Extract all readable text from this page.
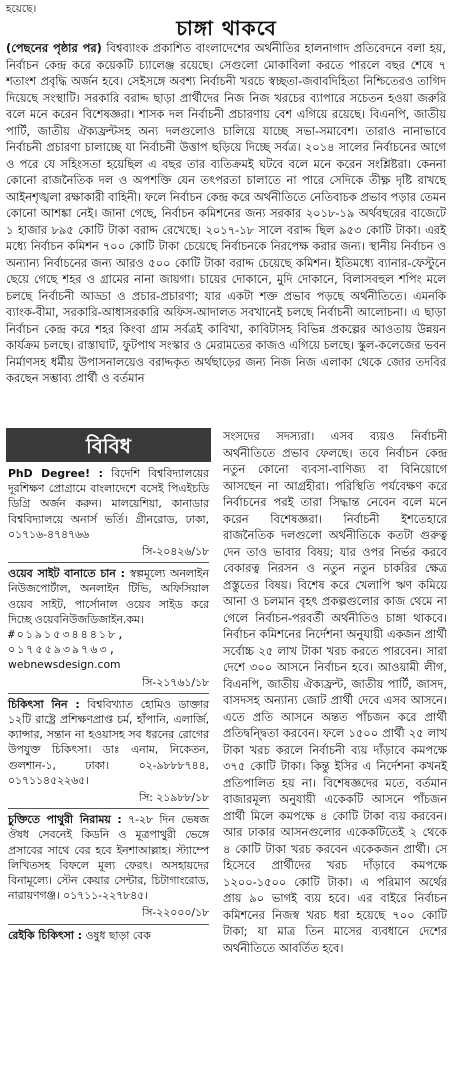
হয়েছে।
চাঙ্গা থাকবে
(পেছনের পৃষ্ঠার পর) বিশ্বব্যাংক প্রকাশিত বাংলাদেশের অর্থনীতির হালনাগাদ প্রতিবেদনে বলা হয়, নির্বাচন কেন্দ্র করে কয়েকটি চ্যালেঞ্জ রয়েছে। সেগুলো মোকাবিলা করতে পারলে বছর শেষে ৭ শতাংশ প্রবৃদ্ধি অর্জন হবে। সেইসঙ্গে অবশ্য নির্বাচনী খরচে স্বচ্ছতা-জবাবদিহিতা নিশ্চিতেরও তাগিদ দিয়েছে সংস্থাটি। সরকারি বরাদ্দ ছাড়া প্রার্থীদের নিজ নিজ খরচের ব্যাপারে সচেতন হওয়া জরুরি বলে মনে করেন বিশেষজ্ঞরা। শাসক দল নির্বাচনী প্রচারণায় বেশ এগিয়ে রয়েছে। বিএনপি, জাতীয় পার্টি, জাতীয় ঐক্যফ্রন্টসহ অন্য দলগুলোও চালিয়ে যাচ্ছে সভা-সমাবেশ। তারাও নানাভাবে নির্বাচনী প্রচারণা চালাচ্ছে যা নির্বাচনী উত্তাপ ছড়িয়ে দিচ্ছে সর্বত্র। ২০১৪ সালের নির্বাচনের আগে ও পরে যে সহিংসতা হয়েছিল এ বছর তার ব্যতিক্রমই ঘটবে বলে মনে করেন সংশ্লিষ্টরা। কেননা কোনো রাজনৈতিক দল ও অপশক্তি যেন তৎপরতা চালাতে না পারে সেদিকে তীক্ষ্ণ দৃষ্টি রাখছে আইনশৃঙ্খলা রক্ষাকারী বাহিনী। ফলে নির্বাচন কেন্দ্র করে অর্থনীতিতে নেতিবাচক প্রভাব পড়ার তেমন কোনো আশঙ্কা নেই। জানা গেছে, নির্বাচন কমিশনের জন্য সরকার ২০১৮-১৯ অর্থবছরের বাজেটে ১ হাজার ৮৯৫ কোটি টাকা বরাদ্দ রেখেছে। ২০১৭-১৮ সালে বরাদ্দ ছিল ৯৫৩ কোটি টাকা। এরই মধ্যে নির্বাচন কমিশন ৭০০ কোটি টাকা চেয়েছে নির্বাচনকে নিরপেক্ষ করার জন্য। স্থানীয় নির্বাচন ও অন্যান্য নির্বাচনের জন্য আরও ৫০০ কোটি টাকা বরাদ্দ চেয়েছে কমিশন। ইতিমধ্যে ব্যানার-ফেস্টুনে ছেয়ে গেছে শহর ও গ্রামের নানা জায়গা। চায়ের দোকানে, মুদি দোকানে, বিলাসবহুল শপিং মলে চলছে নির্বাচনী আড্ডা ও প্রচার-প্রচারণা; যার একটা শক্ত প্রভাব পড়ছে অর্থনীতিতে। এমনকি ব্যাংক-বীমা, সরকারি-আধাসরকারি অফিস-আদালত সবখানেই চলছে নির্বাচনী আলোচনা। এ ছাড়া নির্বাচন কেন্দ্র করে শহর কিংবা গ্রাম সর্বত্রই কাবিখা, কাবিটাসহ বিভিন্ন প্রকল্পের আওতায় উন্নয়ন কার্যক্রম চলছে। রাস্তাঘাট, ফুটপাথ সংস্কার ও মেরামতের কাজও এগিয়ে চলছে। স্কুল-কলেজের ভবন নির্মাণসহ ধর্মীয় উপাসনালয়েও বরাদ্দকৃত অর্থছাড়ের জন্য নিজ নিজ এলাকা থেকে জোর তদবির করছেন সম্ভাব্য প্রার্থী ও বর্তমান
বিবিধ
PhD Degree! : বিদেশি বিশ্ববিদ্যালয়ের দূরশিক্ষণ প্রোগ্রামে বাংলাদেশে বসেই পিএইচডি ডিগ্রি অর্জন করুন। মালয়েশিয়া, কানাডার বিশ্ববিদ্যালয়ে অনার্স ভর্তি। গ্রীনরোড, ঢাকা, ০১৭১৬-৪৭৪৭৬৬
সি-২০৪২৬/১৮
ওয়েব সাইট বানাতে চান : স্বল্পমূল্যে অনলাইন নিউজপোর্টাল, অনলাইন টিভি, অফিসিয়াল ওয়েব সাইট, পার্সোনাল ওয়েব সাইড করে দিচ্ছে ওয়েবনিউজডিজাইন.কম।
#০১৯১৫৩৪৪৪১৮, ০১৭৫৫৯৩৯৭৬৩,
webnewsdesign.com
সি-২১৭৬১/১৮
চিকিৎসা নিন : বিশ্ববিখ্যাত হোমিও ডাক্তার ১২টি রাষ্ট্রে প্রশিক্ষণপ্রাপ্ত চর্ম, হাঁপানি, এলার্জি, ক্যান্সার, সন্তান না হওয়াসহ সব ধরনের রোগের উপযুক্ত চিকিৎসা। ডাঃ এনাম, নিকেতন, গুলশান-১, ঢাকা। ০২-৯৮৮৮৭৪৪, ০১৭১১৪৫২২৬৫।
সি: ২১৯৮৮/১৮
চুক্তিতে পাথুরী নিরাময় : ৭-২৮ দিন ভেষজ ঔষধ সেবনেই কিডনি ও মূত্রপাথুরী ভেঙ্গে প্রসাবের সাথে বের হবে ইনশাআল্লাহ। স্ট্যাম্পে লিখিতসহ বিফলে মূল্য ফেরৎ। অসহায়দের বিনামূল্যে। স্টেন কেয়ার সেন্টার, চিটাগাংরোড, নারায়ণগঞ্জ। ০১৭১১-২২৭৮৪৫।
সি-২২০০০/১৮
রেইকি চিকিৎসা : ওষুধ ছাড়া বেক
সংসদের সদস্যরা। এসব ব্যয়ও নির্বাচনী অর্থনীতিতে প্রভাব ফেলছে। তবে নির্বাচন কেন্দ্র নতুন কোনো ব্যবসা-বাণিজ্য বা বিনিয়োগে আসছেন না আগ্রহীরা। পরিস্থিতি পর্যবেক্ষণ করে নির্বাচনের পরই তারা সিদ্ধান্ত নেবেন বলে মনে করেন বিশেষজ্ঞরা। নির্বাচনী ইশতেহারে রাজনৈতিক দলগুলো অর্থনীতিকে কতটা গুরুত্ব দেন তাও ভাবার বিষয়; যার ওপর নির্ভর করবে বেকারত্ব নিরসন ও নতুন নতুন চাকরির ক্ষেত্র প্রস্তুতের বিষয়। বিশেষ করে খেলাপি ঋণ কমিয়ে আনা ও চলমান বৃহৎ প্রকল্পগুলোর কাজ থেমে না গেলে নির্বাচন-পরবর্তী অর্থনীতিও চাঙ্গা থাকবে। নির্বাচন কমিশনের নির্দেশনা অনুযায়ী একজন প্রার্থী সর্বোচ্চ ২৫ লাখ টাকা খরচ করতে পারবেন। সারা দেশে ৩০০ আসনে নির্বাচন হবে। আওয়ামী লীগ, বিএনপি, জাতীয় ঐক্যফ্রন্ট, জাতীয় পার্টি, জাসদ, বাসদসহ অন্যান্য জোট প্রার্থী দেবে এসব আসনে। এতে প্রতি আসনে অন্তত পাঁচজন করে প্রার্থী প্রতিদ্বন্দ্বিতা করবেন। ফলে ১৫০০ প্রার্থী ২৫ লাখ টাকা খরচ করলে নির্বাচনী ব্যয় দাঁড়াবে কমপক্ষে ৩৭৫ কোটি টাকা। কিন্তু ইসির এ নির্দেশনা কখনই প্রতিপালিত হয় না। বিশেষজ্ঞদের মতে, বর্তমান বাজারমূল্য অনুযায়ী একেকটি আসনে পাঁচজন প্রার্থী মিলে কমপক্ষে ৪ কোটি টাকা ব্যয় করবেন। আর ঢাকার আসনগুলোর একেকটিতেই ২ থেকে ৪ কোটি টাকা খরচ করবেন একেকজন প্রার্থী। সে হিসেবে প্রার্থীদের খরচ দাঁড়াবে কমপক্ষে ১২০০-১৫০০ কোটি টাকা। এ পরিমাণ অর্থের প্রায় ৯০ ভাগই ব্যয় হবে। এর বাইরে নির্বাচন কমিশনের নিজস্ব খরচ ধরা হয়েছে ৭০০ কোটি টাকা; যা মাত্র তিন মাসের ব্যবধানে দেশের অর্থনীতিতে আবর্তিত হবে।
